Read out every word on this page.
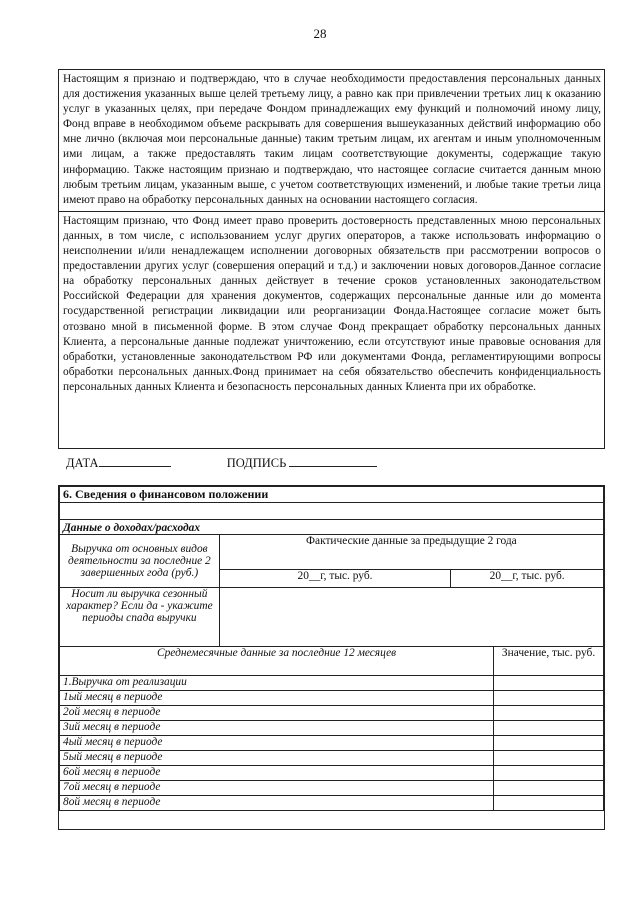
28
Настоящим я признаю и подтверждаю, что в случае необходимости предоставления персональных данных для достижения указанных выше целей третьему лицу, а равно как при привлечении третьих лиц к оказанию услуг в указанных целях, при передаче Фондом принадлежащих ему функций и полномочий иному лицу, Фонд вправе в необходимом объеме раскрывать для совершения вышеуказанных действий информацию обо мне лично (включая мои персональные данные) таким третьим лицам, их агентам и иным уполномоченным ими лицам, а также предоставлять таким лицам соответствующие документы, содержащие такую информацию. Также настоящим признаю и подтверждаю, что настоящее согласие считается данным мною любым третьим лицам, указанным выше, с учетом соответствующих изменений, и любые такие третьи лица имеют право на обработку персональных данных на основании настоящего согласия.
Настоящим признаю, что Фонд имеет право проверить достоверность представленных мною персональных данных, в том числе, с использованием услуг других операторов, а также использовать информацию о неисполнении и/или ненадлежащем исполнении договорных обязательств при рассмотрении вопросов о предоставлении других услуг (совершения операций и т.д.) и заключении новых договоров.Данное согласие на обработку персональных данных действует в течение сроков установленных законодательством Российской Федерации для хранения документов, содержащих персональные данные или до момента государственной регистрации ликвидации или реорганизации Фонда.Настоящее согласие может быть отозвано мной в письменной форме. В этом случае Фонд прекращает обработку персональных данных Клиента, а персональные данные подлежат уничтожению, если отсутствуют иные правовые основания для обработки, установленные законодательством РФ или документами Фонда, регламентирующими вопросы обработки персональных данных.Фонд принимает на себя обязательство обеспечить конфиденциальность персональных данных Клиента и безопасность персональных данных Клиента при их обработке.
ДАТА	ПОДПИСЬ
6. Сведения о финансовом положении			

Данные о доходах/расходах			
Выручка от основных видов деятельности за последние 2 завершенных года (руб.)	Фактические данные за предыдущие 2 года		
	20__г, тыс. руб.	20__г, тыс. руб.	
Носит ли выручка сезонный характер? Если да - укажите периоды спада выручки			
Среднемесячные данные за последние 12 месяцев			Значение, тыс. руб.
1.Выручка от реализации			
1ый месяц в периоде			
2ой месяц в периоде			
3ий месяц в периоде			
4ый месяц в периоде			
5ый месяц в периоде			
6ой месяц в периоде			
7ой месяц в периоде			
8ой месяц в периоде			
